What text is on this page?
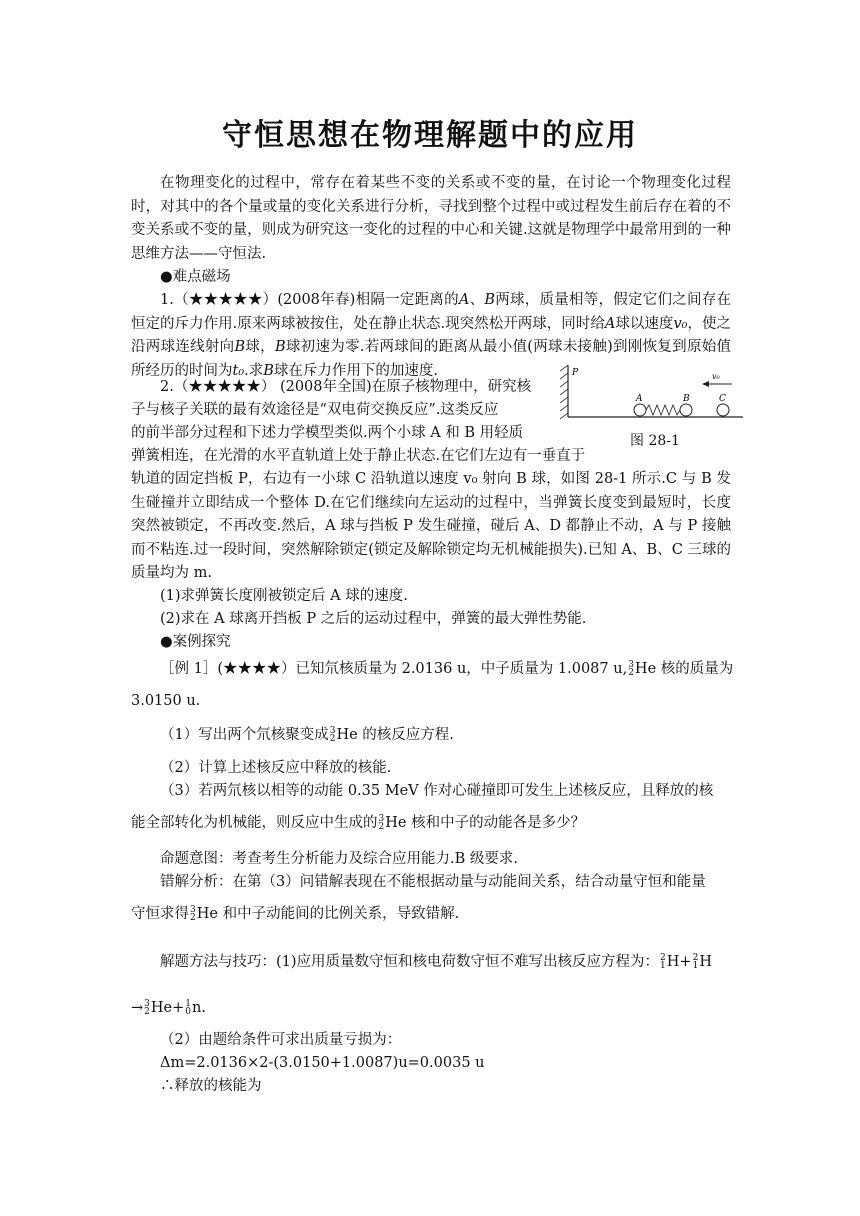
守恒思想在物理解题中的应用
在物理变化的过程中，常存在着某些不变的关系或不变的量，在讨论一个物理变化过程时，对其中的各个量或量的变化关系进行分析，寻找到整个过程中或过程发生前后存在着的不变关系或不变的量，则成为研究这一变化的过程的中心和关键.这就是物理学中最常用到的一种思维方法——守恒法.
●难点磁场
1.（★★★★★）(2008年春)相隔一定距离的A、B两球，质量相等，假定它们之间存在恒定的斥力作用.原来两球被按住，处在静止状态.现突然松开两球，同时给A球以速度v₀，使之沿两球连线射向B球，B球初速为零.若两球间的距离从最小值(两球未接触)到刚恢复到原始值所经历的时间为t₀.求B球在斥力作用下的加速度.
2.（★★★★★） (2008年全国)在原子核物理中，研究核
子与核子关联的最有效途径是“双电荷交换反应”.这类反应
的前半部分过程和下述力学模型类似.两个小球 A 和 B 用轻质
弹簧相连，在光滑的水平直轨道上处于静止状态.在它们左边有一垂直于
轨道的固定挡板 P，右边有一小球 C 沿轨道以速度 v₀ 射向 B 球，如图 28-1 所示.C 与 B 发生碰撞并立即结成一个整体 D.在它们继续向左运动的过程中，当弹簧长度变到最短时，长度突然被锁定，不再改变.然后，A 球与挡板 P 发生碰撞，碰后 A、D 都静止不动，A 与 P 接触而不粘连.过一段时间，突然解除锁定(锁定及解除锁定均无机械能损失).已知 A、B、C 三球的质量均为 m.
(1)求弹簧长度刚被锁定后 A 球的速度.
(2)求在 A 球离开挡板 P 之后的运动过程中，弹簧的最大弹性势能.
P
A	B	C
v₀
图 28-1
●案例探究
［例 1］(★★★★）已知氘核质量为 2.0136 u，中子质量为 1.0087 u, 3
2 He 核的质量为
3.0150 u.
（1）写出两个氘核聚变成 3
2 He 的核反应方程.
（2）计算上述核反应中释放的核能.
（3）若两氘核以相等的动能 0.35 MeV 作对心碰撞即可发生上述核反应，且释放的核
能全部转化为机械能，则反应中生成的 3
2 He 核和中子的动能各是多少？
命题意图：考查考生分析能力及综合应用能力.B 级要求.
错解分析：在第（3）问错解表现在不能根据动量与动能间关系，结合动量守恒和能量
守恒求得 3
2 He 和中子动能间的比例关系，导致错解.
解题方法与技巧：(1)应用质量数守恒和核电荷数守恒不难写出核反应方程为： 2
1 H+ 2
1 H
→ 3
2 He+ 1
0 n.
（2）由题给条件可求出质量亏损为：
Δm=2.0136×2-(3.0150+1.0087)u=0.0035 u
∴释放的核能为
